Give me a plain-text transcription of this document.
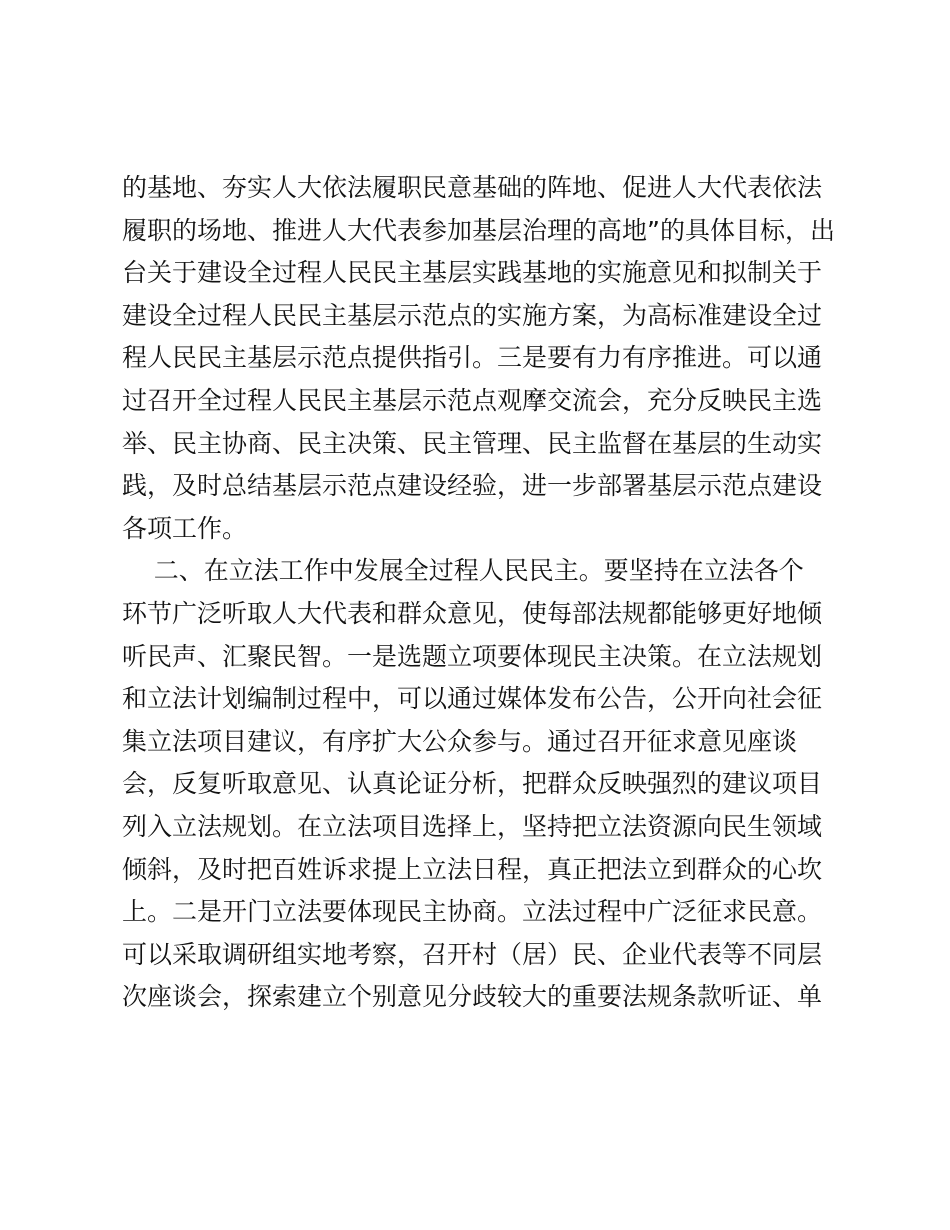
的基地、夯实人大依法履职民意基础的阵地、促进人大代表依法
履职的场地、推进人大代表参加基层治理的高地”的具体目标，出
台关于建设全过程人民民主基层实践基地的实施意见和拟制关于
建设全过程人民民主基层示范点的实施方案，为高标准建设全过
程人民民主基层示范点提供指引。三是要有力有序推进。可以通
过召开全过程人民民主基层示范点观摩交流会，充分反映民主选
举、民主协商、民主决策、民主管理、民主监督在基层的生动实
践，及时总结基层示范点建设经验，进一步部署基层示范点建设
各项工作。
二、在立法工作中发展全过程人民民主。要坚持在立法各个
环节广泛听取人大代表和群众意见，使每部法规都能够更好地倾
听民声、汇聚民智。一是选题立项要体现民主决策。在立法规划
和立法计划编制过程中，可以通过媒体发布公告，公开向社会征
集立法项目建议，有序扩大公众参与。通过召开征求意见座谈
会，反复听取意见、认真论证分析，把群众反映强烈的建议项目
列入立法规划。在立法项目选择上，坚持把立法资源向民生领域
倾斜，及时把百姓诉求提上立法日程，真正把法立到群众的心坎
上。二是开门立法要体现民主协商。立法过程中广泛征求民意。
可以采取调研组实地考察，召开村（居）民、企业代表等不同层
次座谈会，探索建立个别意见分歧较大的重要法规条款听证、单
